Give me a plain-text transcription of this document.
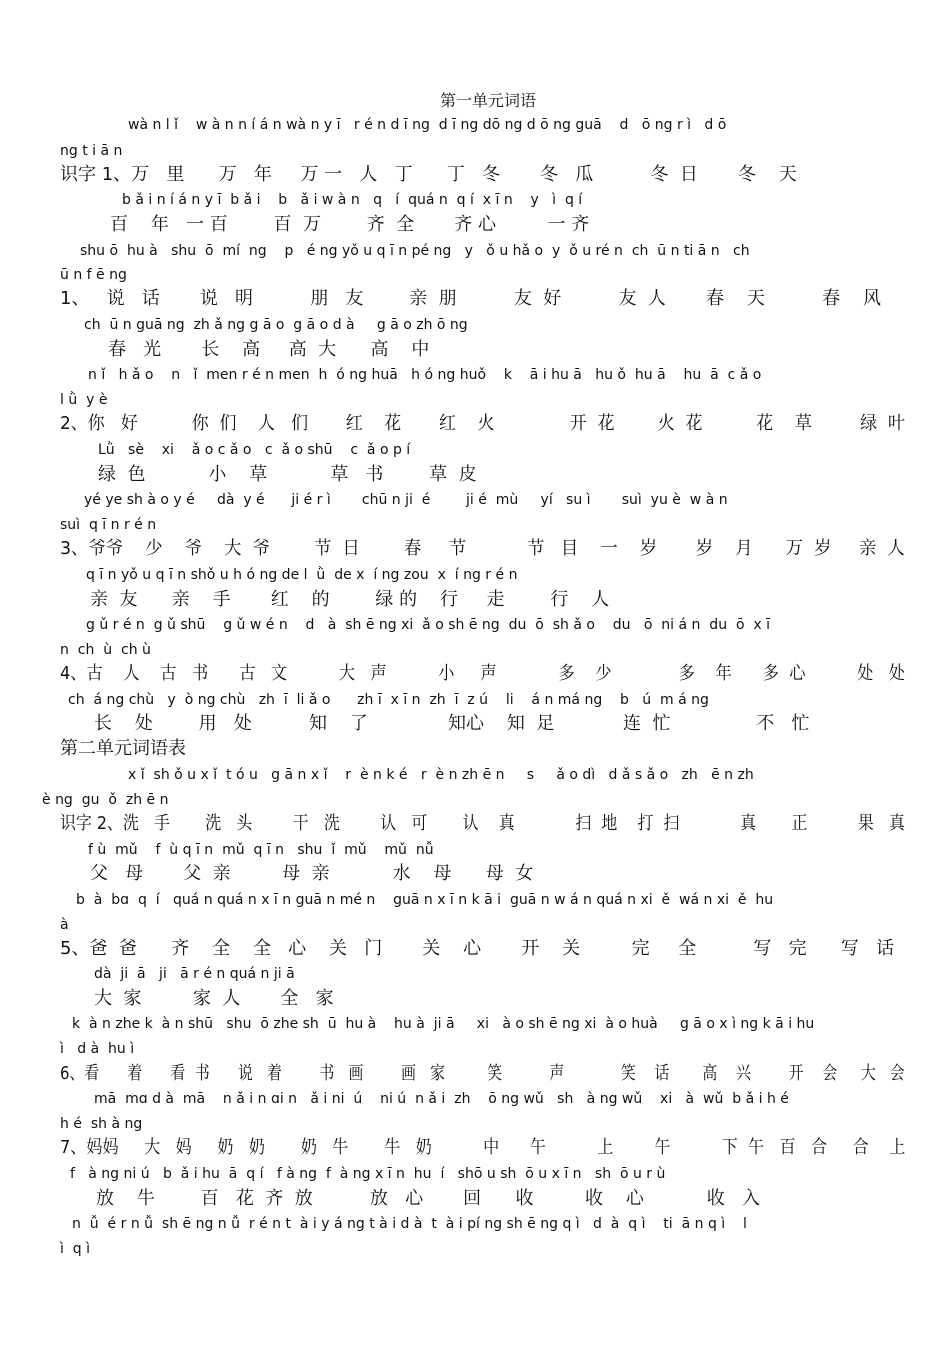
第一单元词语
wà n l ǐ    w à n n í á n wà n y ī   r é n d ī ng  d ī ng dō ng d ō ng guā    d   ō ng r ì   d ō
ng t i ā n
识字 1、万   里      万   年     万 一   人   丁      丁   冬       冬   瓜          冬  日       冬    天
b ǎ i n í á n y ī  b ǎ i    b   ǎ i w à n   q   í  quá n  q í  x ī n    y   ì  q í
百    年   一 百        百  万        齐  全       齐 心         一 齐
shu ō  hu à   shu  ō  mí  ng    p   é ng yǒ u q ī n pé ng   y   ǒ u hǎ o  y  ǒ u ré n  ch  ū n ti ā n   ch
ū n f ē ng
1、   说   话       说   明          朋   友        亲  朋          友  好          友  人       春    天          春    风
ch  ū n guā ng  zh ǎ ng g ā o  g ā o d à     g ā o zh ō ng
春   光       长    高     高  大      高    中
n ǐ   h ǎ o    n   ǐ  men r é n men  h  ó ng huā   h ó ng huǒ    k    ā i hu ā   hu ǒ  hu ā    hu  ā  c ǎ o
l ǜ  y è
2、你   好          你  们    人   们       红    花       红    火              开  花        火  花          花    草         绿  叶
Lǜ   sè    xi    ǎ o c ǎ o   c  ǎ o shū    c  ǎ o p í
绿  色           小    草           草   书        草  皮
yé ye sh à o y é     dà  y é      ji é r ì       chū n ji  é        ji é  mù     yí   su ì       suì  yu è  w à n
suì  q ī n r é n
3、爷爷    少    爷    大  爷        节  日        春     节           节   目    一    岁       岁    月      万  岁     亲  人
q ī n yǒ u q ī n shǒ u h ó ng de l  ǜ  de x  í ng zou  x  í ng r é n
亲  友      亲    手       红    的        绿 的    行     走        行    人
g ǔ r é n  g ǔ shū    g ǔ w é n    d   à  sh ē ng xi  ǎ o sh ē ng  du  ō  sh ǎ o    du   ō  ni á n  du  ō  x ī
n  ch  ù  ch ù
4、古    人    古   书      古   文          大   声          小     声            多    少             多    年      多  心          处   处
ch  á ng chù   y  ò ng chù   zh  ī  li ǎ o      zh ī  x ī n  zh  ī  z ú    li    á n má ng    b   ú  m á ng
长    处        用   处          知    了              知心    知  足            连  忙               不   忙
第二单元词语表
x ǐ  sh ǒ u x ǐ  t ó u   g ā n x ǐ    r  è n k é   r  è n zh ē n     s     ǎ o dì   d ǎ s ǎ o   zh   ē n zh
è ng  gu  ǒ  zh ē n
识字 2、洗   手       洗   头        干   洗        认   可       认    真            扫  地    打  扫            真       正          果   真
f ù  mǔ    f  ù q ī n  mǔ  q ī n   shu  ǐ  mǔ    mǔ  nǚ
父   母       父  亲         母  亲           水    母      母  女
b  à  bɑ  q  í   quá n quá n x ī n guā n mé n    guā n x ī n k ā i  guā n w á n quá n xi  ě  wá n xi  ě  hu
à
5、爸  爸      齐    全    全   心    关   门       关    心       开    关         完     全          写   完      写   话
dà  ji  ā   ji   ā r é n quá n ji ā
大  家         家  人       全   家
k  à n zhe k  à n shū   shu  ō zhe sh  ū  hu à    hu à  ji ā     xi   à o sh ē ng xi  à o huà     g ā o x ì ng k ā i hu
ì   d à  hu ì
6、看      着      看  书      说   着        书   画        画   家         笑          声            笑    话       高    兴        开    会     大   会
mā  mɑ d à  mā    n ǎ i n ɑi n   ǎ i ni  ú    ni ú  n ǎ i  zh    ō ng wǔ   sh   à ng wǔ    xi   à  wǔ  b ǎ i h é
h é  sh à ng
7、妈妈     大   妈     奶   奶       奶   牛       牛   奶          中      午          上        午          下  午   百   合     合    上
f   à ng ni ú   b  ǎ i hu  ā  q í   f à ng  f  à ng x ī n  hu  í   shō u sh  ō u x ī n   sh  ō u r ù
放    牛        百   花  齐  放          放   心       回      收         收    心           收   入
n  ǚ  é r n ǚ  sh ē ng n ǚ  r é n t  à i y á ng t à i d à  t  à i pí ng sh ē ng q ì   d  à  q ì    ti  ā n q ì    l
ì  q ì
